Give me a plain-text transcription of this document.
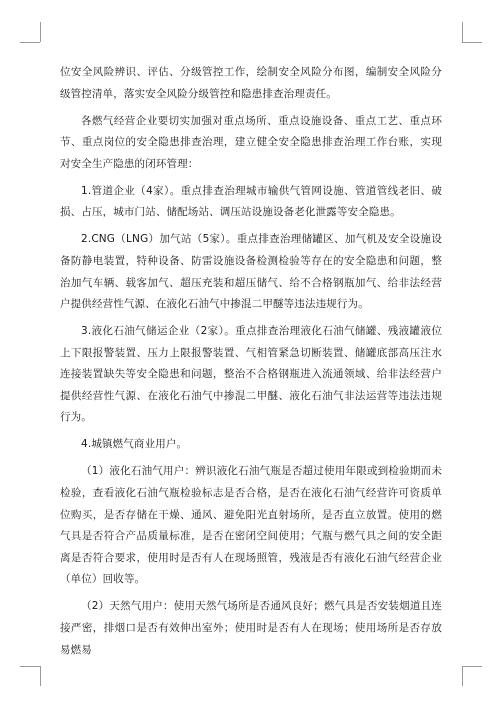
位安全风险辨识、评估、分级管控工作，绘制安全风险分布图，编制安全风险分级管控清单，落实安全风险分级管控和隐患排查治理责任。

各燃气经营企业要切实加强对重点场所、重点设施设备、重点工艺、重点环节、重点岗位的安全隐患排查治理，建立健全安全隐患排查治理工作台账，实现对安全生产隐患的闭环管理：

1.管道企业（4家）。重点排查治理城市输供气管网设施、管道管线老旧、破损、占压，城市门站、储配场站、调压站设施设备老化泄露等安全隐患。

2.CNG（LNG）加气站（5家）。重点排查治理储罐区、加气机及安全设施设备防静电装置，特种设备、防雷设施设备检测检验等存在的安全隐患和问题，整治加气车辆、载客加气、超压充装和超压储气、给不合格钢瓶加气、给非法经营户提供经营性气源、在液化石油气中掺混二甲醚等违法违规行为。

3.液化石油气储运企业（2家）。重点排查治理液化石油气储罐、残液罐液位上下限报警装置、压力上限报警装置、气相管紧急切断装置、储罐底部高压注水连接装置缺失等安全隐患和问题，整治不合格钢瓶进入流通领域、给非法经营户提供经营性气源、在液化石油气中掺混二甲醚、液化石油气非法运营等违法违规行为。

4.城镇燃气商业用户。

（1）液化石油气用户：辨识液化石油气瓶是否超过使用年限或到检验期而未检验，查看液化石油气瓶检验标志是否合格，是否在液化石油气经营许可资质单位购买，是否存储在干燥、通风、避免阳光直射场所，是否直立放置。使用的燃气具是否符合产品质量标准，是否在密闭空间使用；气瓶与燃气具之间的安全距离是否符合要求，使用时是否有人在现场照管，残液是否有液化石油气经营企业（单位）回收等。

（2）天然气用户：使用天然气场所是否通风良好；燃气具是否安装烟道且连接严密，排烟口是否有效伸出室外；使用时是否有人在现场；使用场所是否存放易燃易
